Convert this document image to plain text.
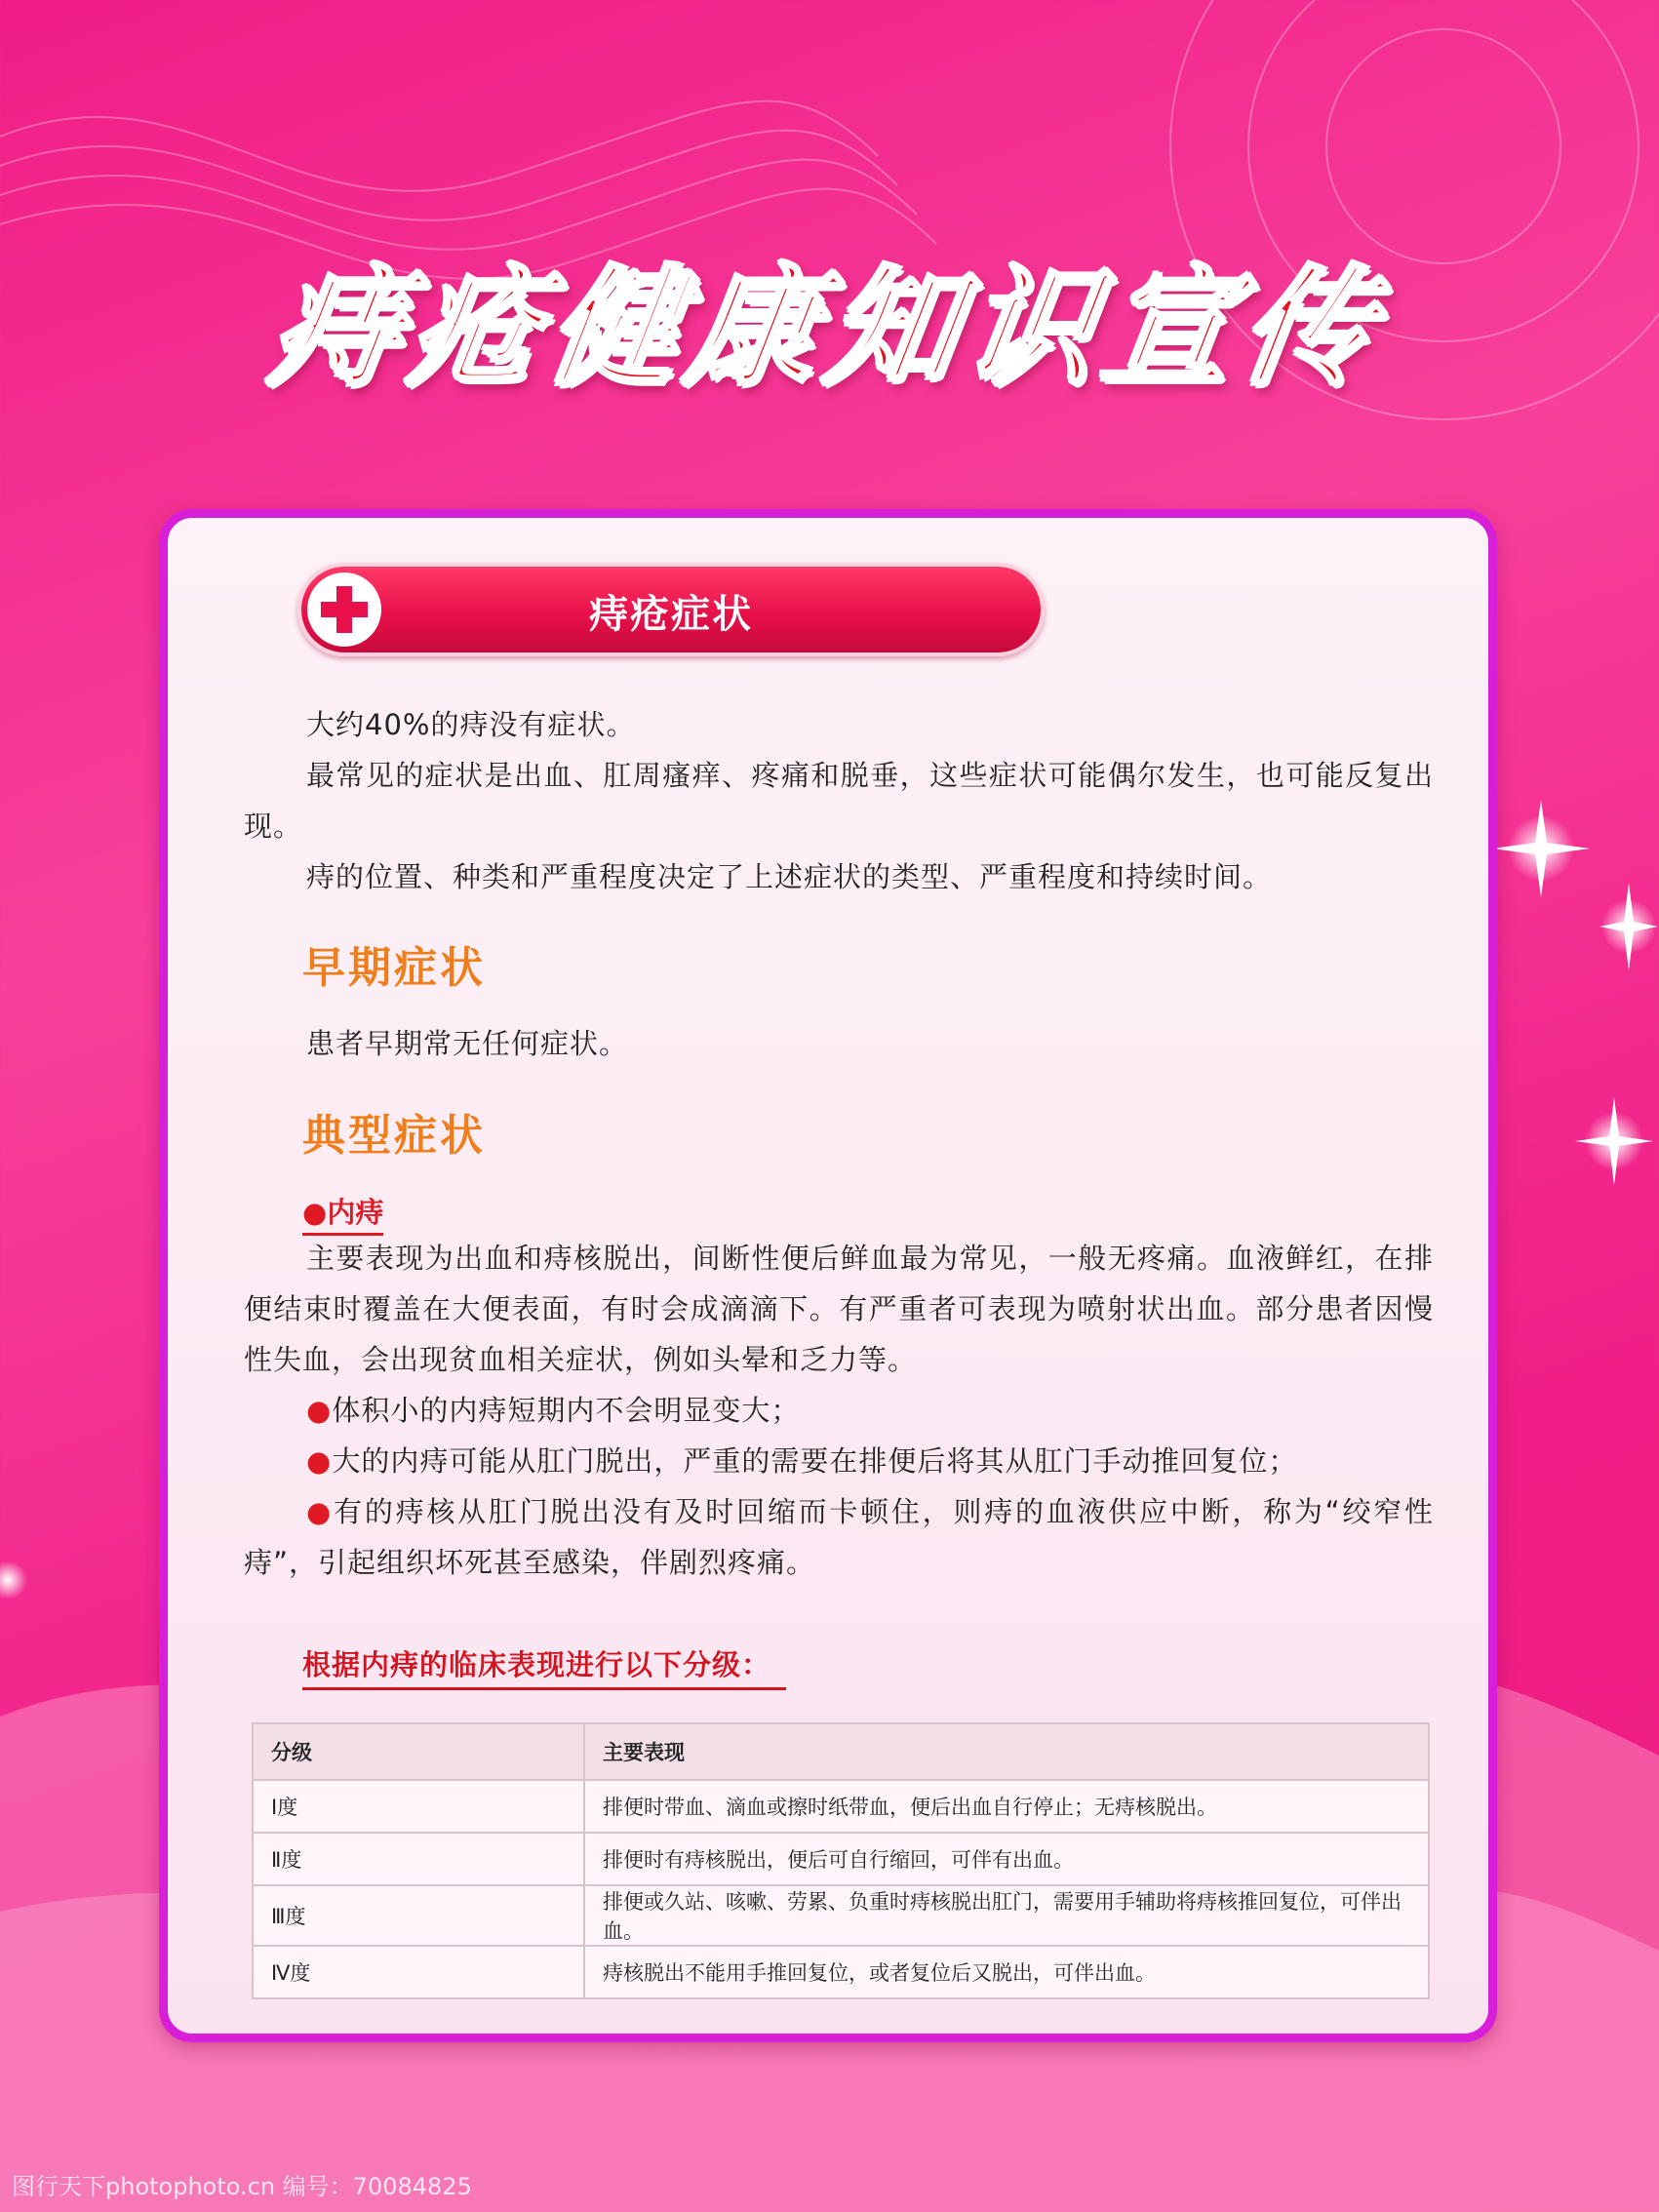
痔疮健康知识宣传
痔疮症状

大约40%的痔没有症状。

最常见的症状是出血、肛周瘙痒、疼痛和脱垂，这些症状可能偶尔发生，也可能反复出现。

痔的位置、种类和严重程度决定了上述症状的类型、严重程度和持续时间。

早期症状

患者早期常无任何症状。

典型症状
●内痔

主要表现为出血和痔核脱出，间断性便后鲜血最为常见，一般无疼痛。血液鲜红，在排便结束时覆盖在大便表面，有时会成滴滴下。有严重者可表现为喷射状出血。部分患者因慢性失血，会出现贫血相关症状，例如头晕和乏力等。

●体积小的内痔短期内不会明显变大；

●大的内痔可能从肛门脱出，严重的需要在排便后将其从肛门手动推回复位；

●有的痔核从肛门脱出没有及时回缩而卡顿住，则痔的血液供应中断，称为“绞窄性痔”，引起组织坏死甚至感染，伴剧烈疼痛。

根据内痔的临床表现进行以下分级：
分级	主要表现
Ⅰ度	排便时带血、滴血或擦时纸带血，便后出血自行停止；无痔核脱出。
Ⅱ度	排便时有痔核脱出，便后可自行缩回，可伴有出血。
Ⅲ度	排便或久站、咳嗽、劳累、负重时痔核脱出肛门，需要用手辅助将痔核推回复位，可伴出血。
Ⅳ度	痔核脱出不能用手推回复位，或者复位后又脱出，可伴出血。
图行天下photophoto.cn 编号：70084825
